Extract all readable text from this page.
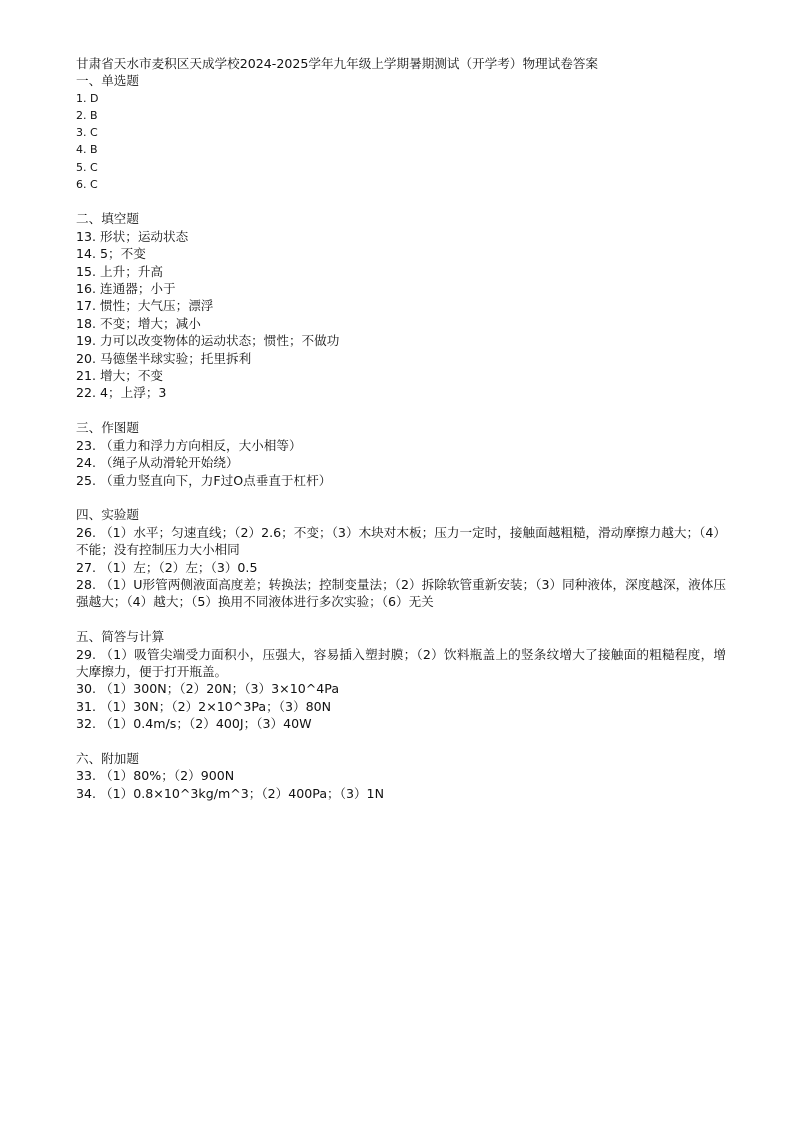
甘肃省天水市麦积区天成学校2024-2025学年九年级上学期暑期测试（开学考）物理试卷答案
一、单选题
1. D
2. B
3. C
4. B
5. C
6. C
二、填空题
13. 形状；运动状态
14. 5；不变
15. 上升；升高
16. 连通器；小于
17. 惯性；大气压；漂浮
18. 不变；增大；减小
19. 力可以改变物体的运动状态；惯性；不做功
20. 马德堡半球实验；托里拆利
21. 增大；不变
22. 4；上浮；3
三、作图题
23. （重力和浮力方向相反，大小相等）
24. （绳子从动滑轮开始绕）
25. （重力竖直向下，力F过O点垂直于杠杆）
四、实验题
26. （1）水平；匀速直线；（2）2.6；不变；（3）木块对木板；压力一定时，接触面越粗糙，滑动摩擦力越大；（4）不能；没有控制压力大小相同
27. （1）左；（2）左；（3）0.5
28. （1）U形管两侧液面高度差；转换法；控制变量法；（2）拆除软管重新安装；（3）同种液体，深度越深，液体压强越大；（4）越大；（5）换用不同液体进行多次实验；（6）无关
五、简答与计算
29. （1）吸管尖端受力面积小，压强大，容易插入塑封膜；（2）饮料瓶盖上的竖条纹增大了接触面的粗糙程度，增大摩擦力，便于打开瓶盖。
30. （1）300N；（2）20N；（3）3×10^4Pa
31. （1）30N；（2）2×10^3Pa；（3）80N
32. （1）0.4m/s；（2）400J；（3）40W
六、附加题
33. （1）80%；（2）900N
34. （1）0.8×10^3kg/m^3；（2）400Pa；（3）1N
